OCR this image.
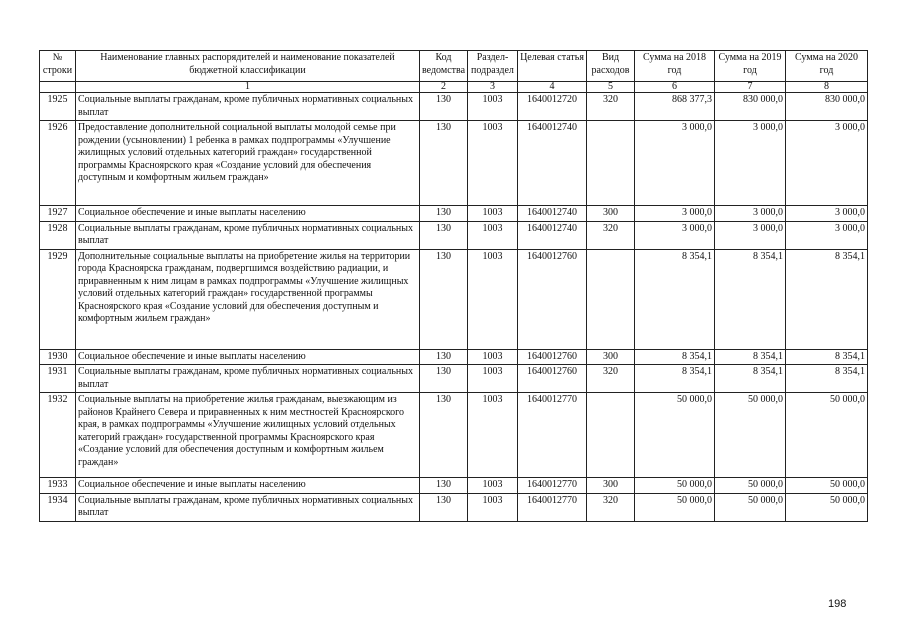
№ строки	Наименование главных распорядителей и наименование показателей бюджетной классификации	Код ведомства	Раздел-подраздел	Целевая статья	Вид расходов	Сумма на 2018 год	Сумма на 2019 год	Сумма на 2020 год
	1	2	3	4	5	6	7	8
1925	Социальные выплаты гражданам, кроме публичных нормативных социальных выплат	130	1003	1640012720	320	868 377,3	830 000,0	830 000,0
1926	Предоставление дополнительной социальной выплаты молодой семье при рождении (усыновлении) 1 ребенка в рамках подпрограммы «Улучшение жилищных условий отдельных категорий граждан» государственной программы Красноярского края «Создание условий для обеспечения доступным и комфортным жильем граждан»	130	1003	1640012740		3 000,0	3 000,0	3 000,0
1927	Социальное обеспечение и иные выплаты населению	130	1003	1640012740	300	3 000,0	3 000,0	3 000,0
1928	Социальные выплаты гражданам, кроме публичных нормативных социальных выплат	130	1003	1640012740	320	3 000,0	3 000,0	3 000,0
1929	Дополнительные социальные выплаты на приобретение жилья на территории города Красноярска гражданам, подвергшимся воздействию радиации, и приравненным к ним лицам в рамках подпрограммы «Улучшение жилищных условий отдельных категорий граждан» государственной программы Красноярского края «Создание условий для обеспечения доступным и комфортным жильем граждан»	130	1003	1640012760		8 354,1	8 354,1	8 354,1
1930	Социальное обеспечение и иные выплаты населению	130	1003	1640012760	300	8 354,1	8 354,1	8 354,1
1931	Социальные выплаты гражданам, кроме публичных нормативных социальных выплат	130	1003	1640012760	320	8 354,1	8 354,1	8 354,1
1932	Социальные выплаты на приобретение жилья гражданам, выезжающим из районов Крайнего Севера и приравненных к ним местностей Красноярского края, в рамках подпрограммы «Улучшение жилищных условий отдельных категорий граждан» государственной программы Красноярского края «Создание условий для обеспечения доступным и комфортным жильем граждан»	130	1003	1640012770		50 000,0	50 000,0	50 000,0
1933	Социальное обеспечение и иные выплаты населению	130	1003	1640012770	300	50 000,0	50 000,0	50 000,0
1934	Социальные выплаты гражданам, кроме публичных нормативных социальных выплат	130	1003	1640012770	320	50 000,0	50 000,0	50 000,0
198
